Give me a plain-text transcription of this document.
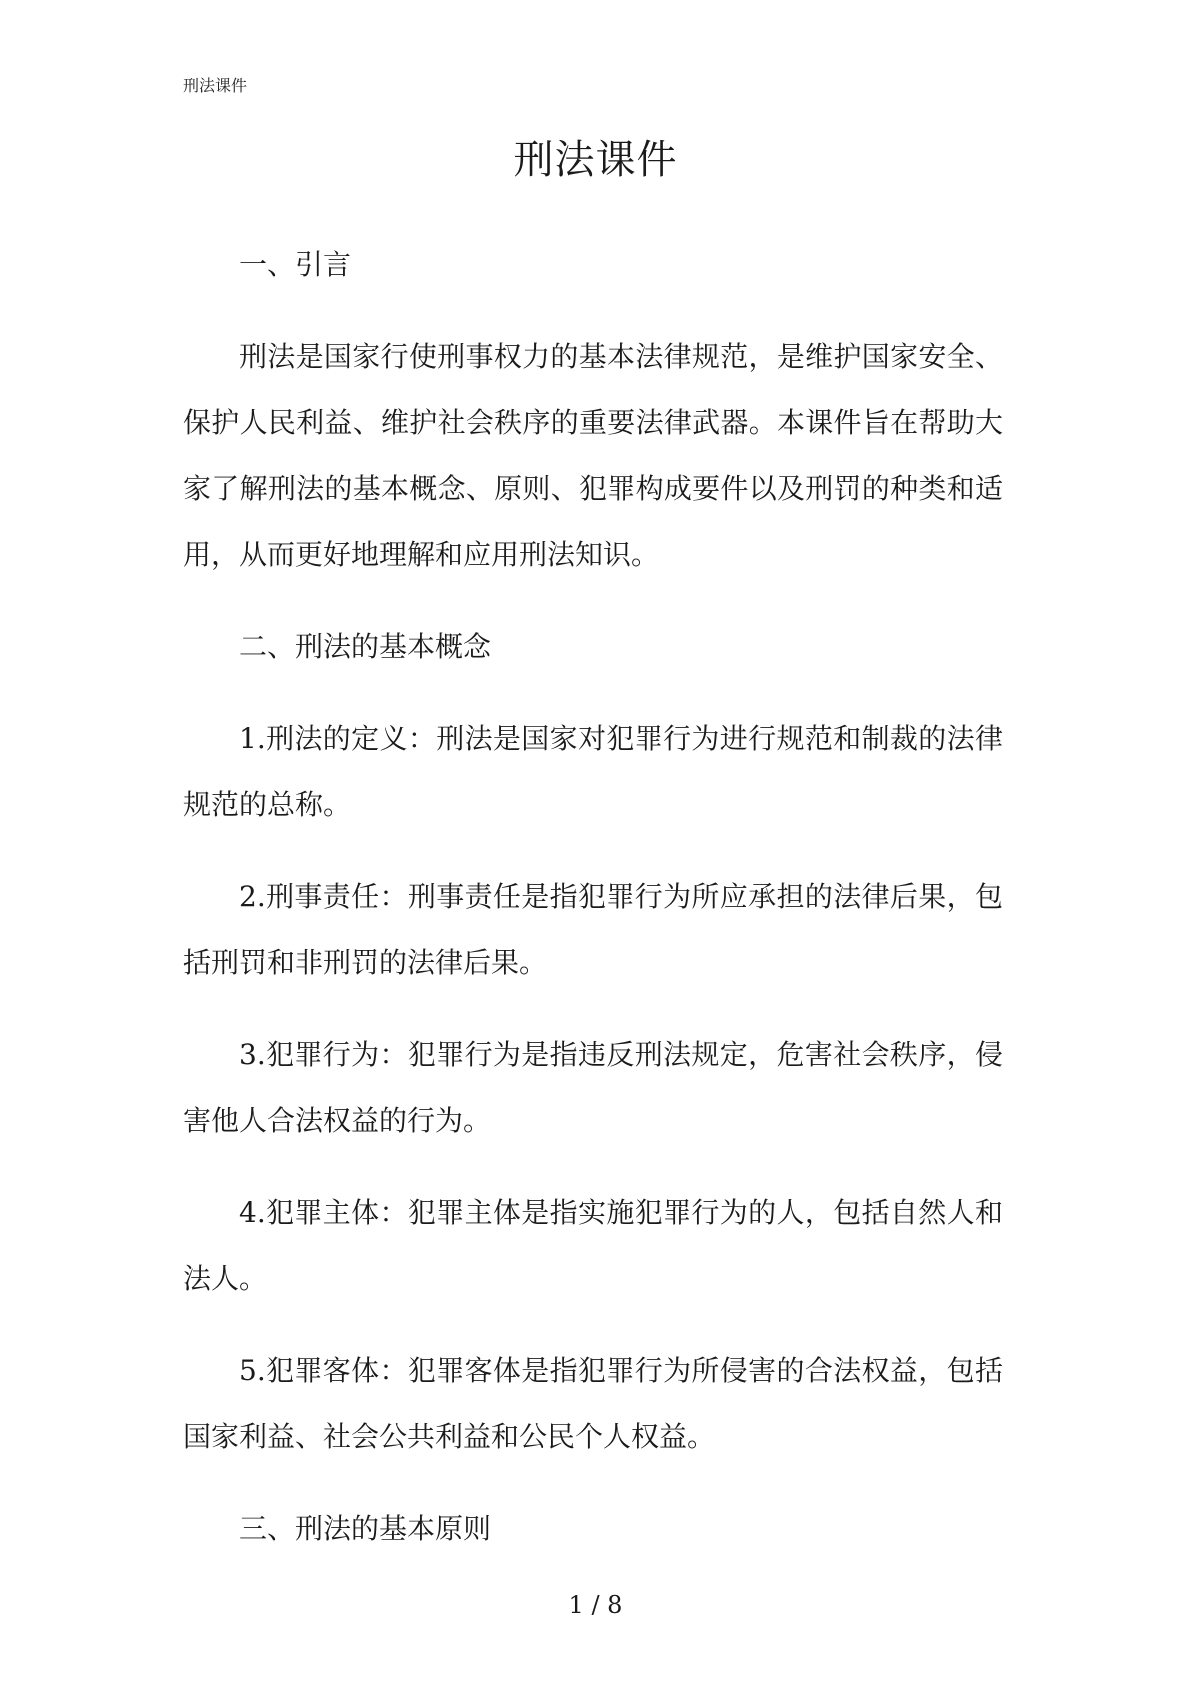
刑法课件
刑法课件
一、引言
刑法是国家行使刑事权力的基本法律规范，是维护国家安全、保护人民利益、维护社会秩序的重要法律武器。本课件旨在帮助大家了解刑法的基本概念、原则、犯罪构成要件以及刑罚的种类和适用，从而更好地理解和应用刑法知识。
二、刑法的基本概念
1.刑法的定义：刑法是国家对犯罪行为进行规范和制裁的法律规范的总称。
2.刑事责任：刑事责任是指犯罪行为所应承担的法律后果，包括刑罚和非刑罚的法律后果。
3.犯罪行为：犯罪行为是指违反刑法规定，危害社会秩序，侵害他人合法权益的行为。
4.犯罪主体：犯罪主体是指实施犯罪行为的人，包括自然人和法人。
5.犯罪客体：犯罪客体是指犯罪行为所侵害的合法权益，包括国家利益、社会公共利益和公民个人权益。
三、刑法的基本原则
1 / 8
